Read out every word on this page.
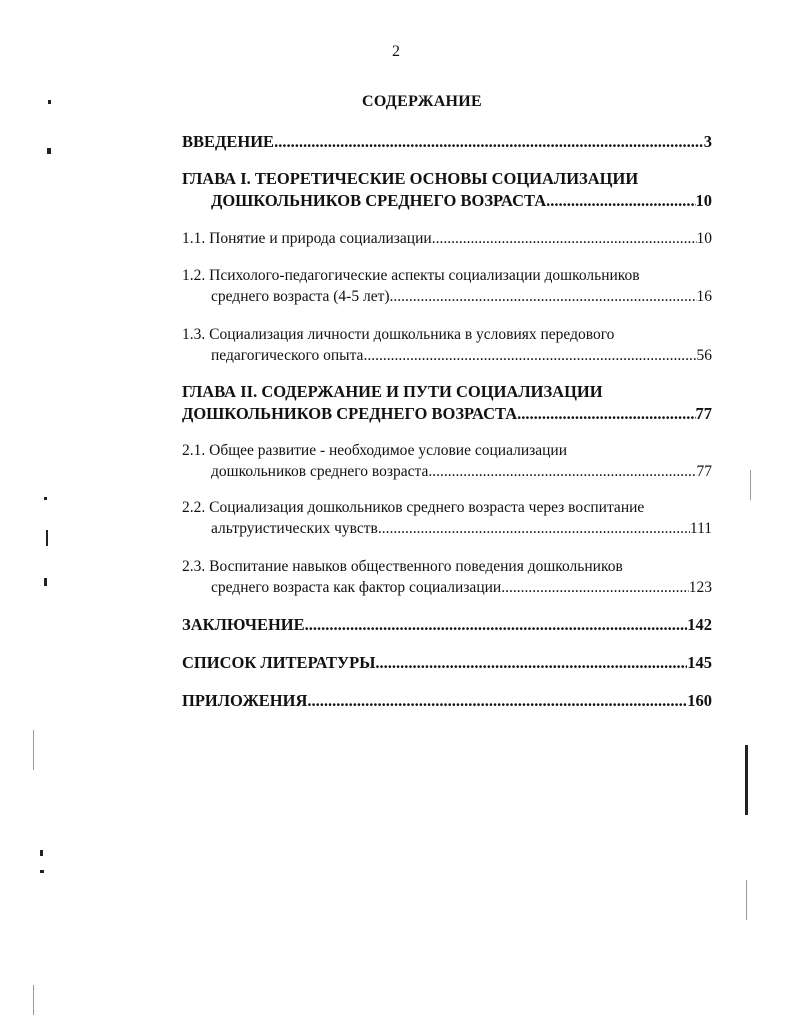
2
СОДЕРЖАНИЕ
ВВЕДЕНИЕ .....	3
ГЛАВА I. ТЕОРЕТИЧЕСКИЕ ОСНОВЫ СОЦИАЛИЗАЦИИ
ДОШКОЛЬНИКОВ СРЕДНЕГО ВОЗРАСТА .....	10
1.1. Понятие и природа социализации .....	10
1.2. Психолого-педагогические аспекты социализации дошкольников
среднего возраста (4-5 лет) .....	16
1.3. Социализация личности дошкольника в условиях передового
педагогического опыта .....	56
ГЛАВА II. СОДЕРЖАНИЕ И ПУТИ СОЦИАЛИЗАЦИИ
ДОШКОЛЬНИКОВ СРЕДНЕГО ВОЗРАСТА .....	77
2.1. Общее развитие - необходимое условие социализации
дошкольников среднего возраста .....	77
2.2. Социализация дошкольников среднего возраста через воспитание
альтруистических чувств .....	111
2.3. Воспитание навыков общественного поведения дошкольников
среднего возраста как фактор социализации .....	123
ЗАКЛЮЧЕНИЕ .....	142
СПИСОК ЛИТЕРАТУРЫ .....	145
ПРИЛОЖЕНИЯ .....	160
